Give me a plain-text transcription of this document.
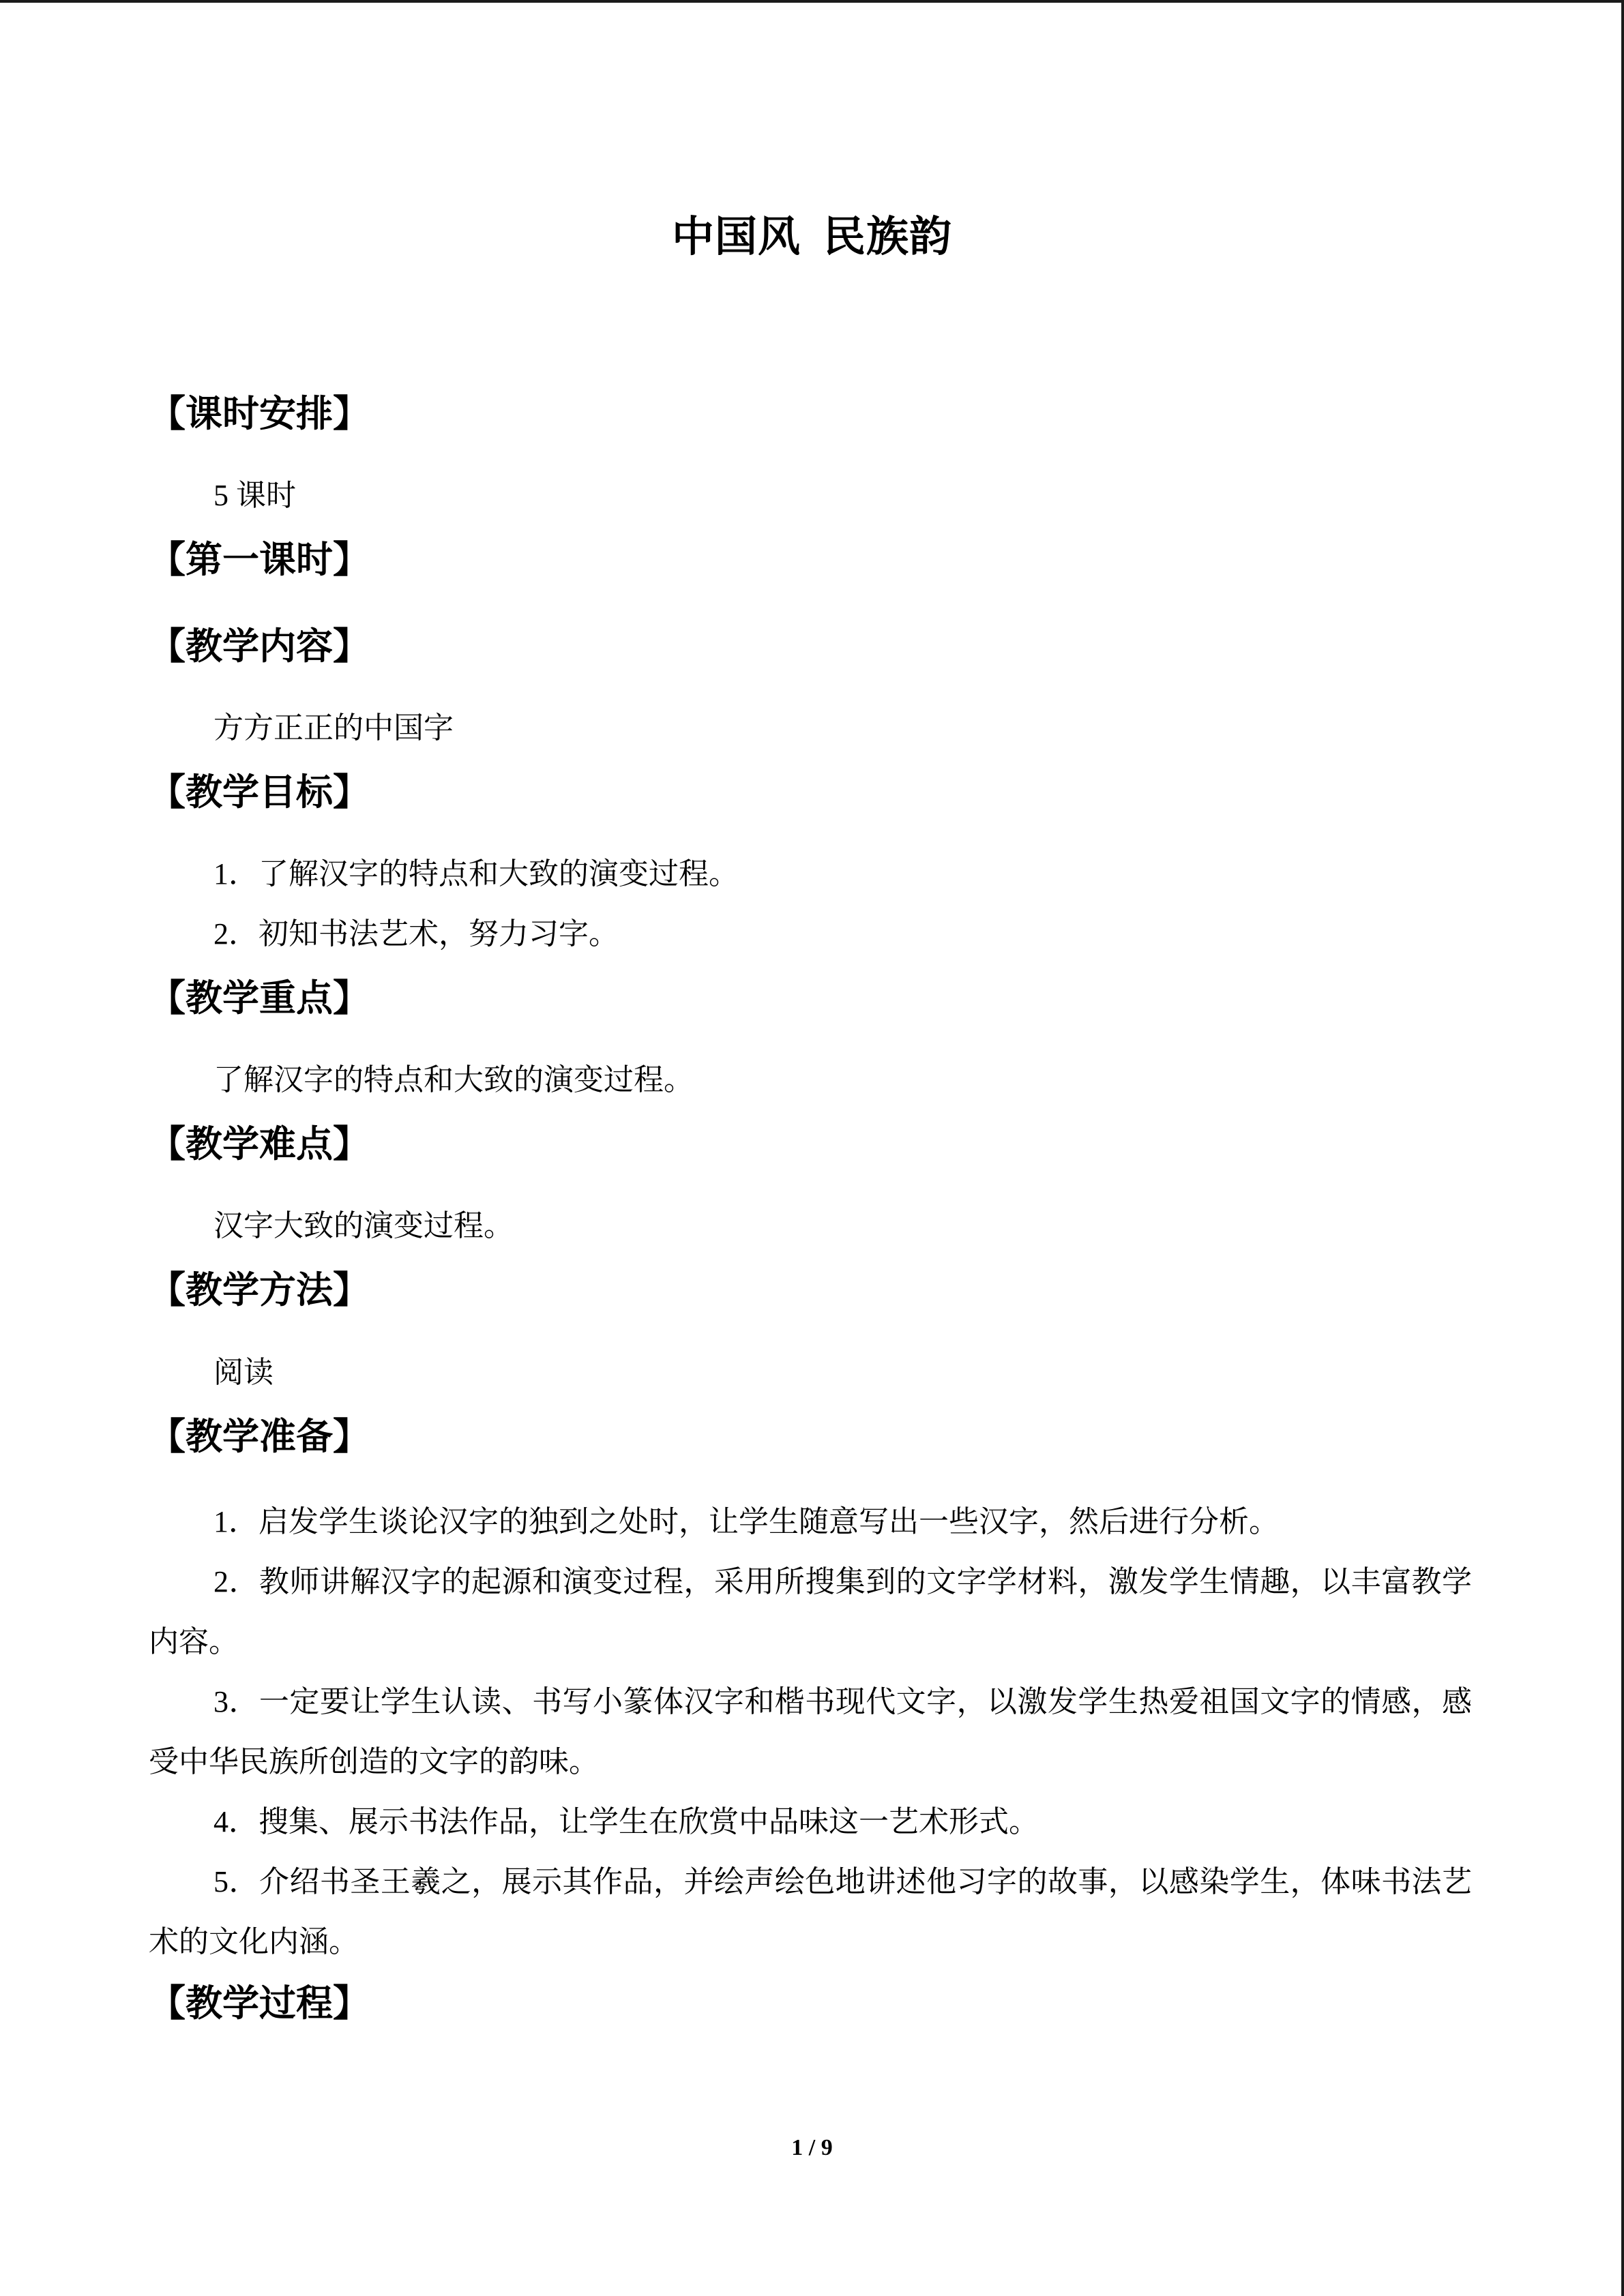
中国风  民族韵
【课时安排】
5 课时
【第一课时】
【教学内容】
方方正正的中国字
【教学目标】
1．了解汉字的特点和大致的演变过程。
2．初知书法艺术，努力习字。
【教学重点】
了解汉字的特点和大致的演变过程。
【教学难点】
汉字大致的演变过程。
【教学方法】
阅读
【教学准备】
1．启发学生谈论汉字的独到之处时，让学生随意写出一些汉字，然后进行分析。
2．教师讲解汉字的起源和演变过程，采用所搜集到的文字学材料，激发学生情趣，以丰富教学内容。
3．一定要让学生认读、书写小篆体汉字和楷书现代文字，以激发学生热爱祖国文字的情感，感受中华民族所创造的文字的韵味。
4．搜集、展示书法作品，让学生在欣赏中品味这一艺术形式。
5．介绍书圣王羲之，展示其作品，并绘声绘色地讲述他习字的故事，以感染学生，体味书法艺术的文化内涵。
【教学过程】
1 / 9
